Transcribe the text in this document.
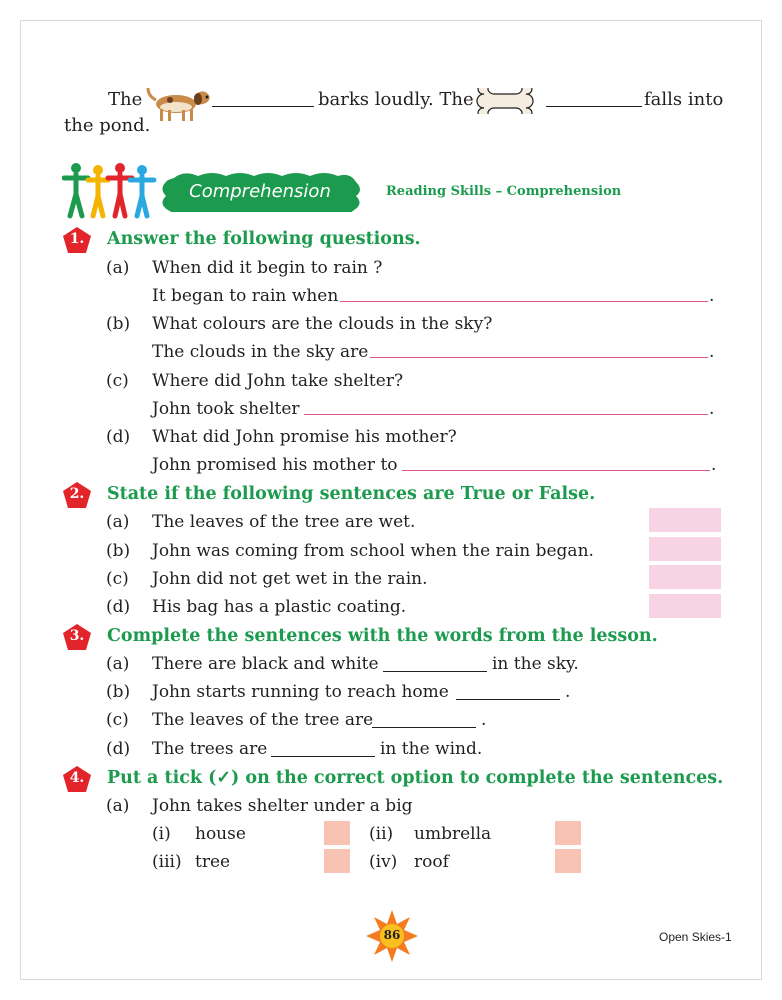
The	barks loudly. The	falls into
the pond.
Comprehension	Reading Skills – Comprehension
1.	Answer the following questions.
(a) When did it begin to rain ?
It began to rain when	.
(b) What colours are the clouds in the sky?
The clouds in the sky are	.
(c) Where did John take shelter?
John took shelter	.
(d) What did John promise his mother?
John promised his mother to	.
2.	State if the following sentences are True or False.
(a) The leaves of the tree are wet.
(b) John was coming from school when the rain began.
(c) John did not get wet in the rain.
(d) His bag has a plastic coating.
3.	Complete the sentences with the words from the lesson.
(a) There are black and white	in the sky.
(b) John starts running to reach home	.
(c) The leaves of the tree are	.
(d) The trees are	in the wind.
4.	Put a tick (✓) on the correct option to complete the sentences.
(a) John takes shelter under a big
(i) house	(ii) umbrella
(iii) tree	(iv) roof
86	Open Skies-1
